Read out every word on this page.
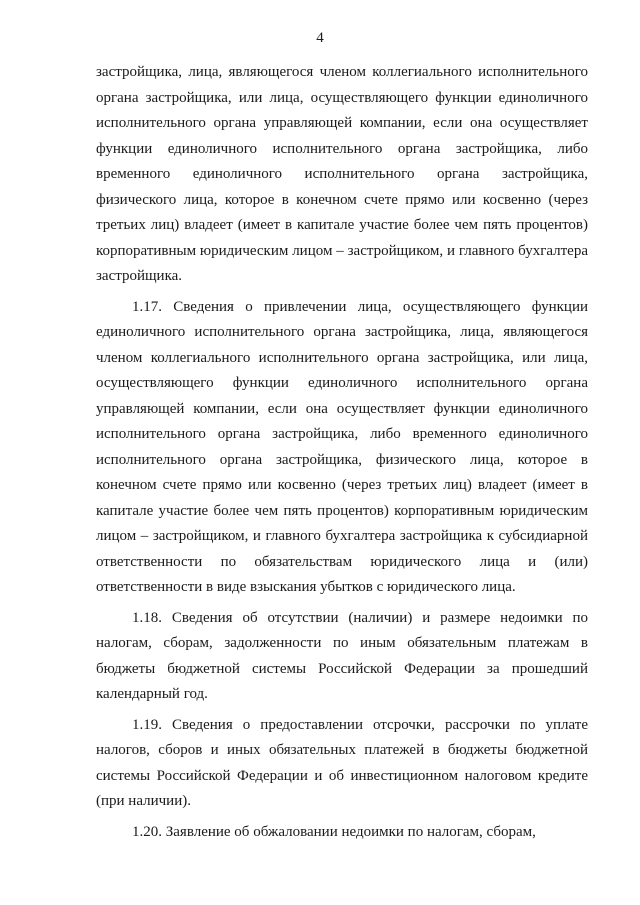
4

застройщика, лица, являющегося членом коллегиального исполнительного органа застройщика, или лица, осуществляющего функции единоличного исполнительного органа управляющей компании, если она осуществляет функции единоличного исполнительного органа застройщика, либо временного единоличного исполнительного органа застройщика, физического лица, которое в конечном счете прямо или косвенно (через третьих лиц) владеет (имеет в капитале участие более чем пять процентов) корпоративным юридическим лицом – застройщиком, и главного бухгалтера застройщика.

1.17. Сведения о привлечении лица, осуществляющего функции единоличного исполнительного органа застройщика, лица, являющегося членом коллегиального исполнительного органа застройщика, или лица, осуществляющего функции единоличного исполнительного органа управляющей компании, если она осуществляет функции единоличного исполнительного органа застройщика, либо временного единоличного исполнительного органа застройщика, физического лица, которое в конечном счете прямо или косвенно (через третьих лиц) владеет (имеет в капитале участие более чем пять процентов) корпоративным юридическим лицом – застройщиком, и главного бухгалтера застройщика к субсидиарной ответственности по обязательствам юридического лица и (или) ответственности в виде взыскания убытков с юридического лица.

1.18. Сведения об отсутствии (наличии) и размере недоимки по налогам, сборам, задолженности по иным обязательным платежам в бюджеты бюджетной системы Российской Федерации за прошедший календарный год.

1.19. Сведения о предоставлении отсрочки, рассрочки по уплате налогов, сборов и иных обязательных платежей в бюджеты бюджетной системы Российской Федерации и об инвестиционном налоговом кредите (при наличии).

1.20. Заявление об обжаловании недоимки по налогам, сборам,
